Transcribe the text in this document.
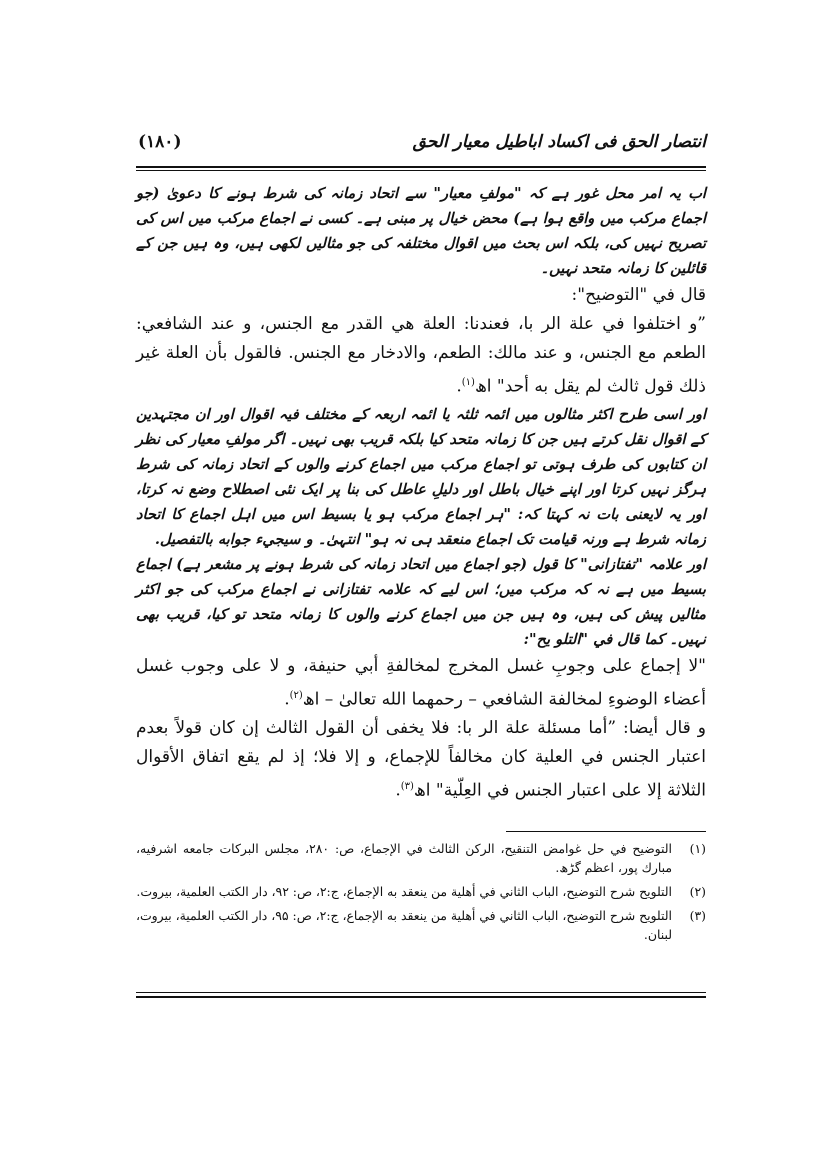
انتصار الحق فی اکساد اباطیل معیار الحق
(۱۸۰)

اب یہ امر محل غور ہے کہ "مولفِ معیار" سے اتحاد زمانہ کی شرط ہونے کا دعویٰ (جو اجماع مرکب میں واقع ہوا ہے) محض خیال پر مبنی ہے۔ کسی نے اجماع مرکب میں اس کی تصریح نہیں کی، بلکہ اس بحث میں اقوال مختلفہ کی جو مثالیں لکھی ہیں، وہ ہیں جن کے قائلین کا زمانہ متحد نہیں۔

قال في "التوضيح":

”و اختلفوا في علة الر با، فعندنا: العلة هي القدر مع الجنس، و عند الشافعي: الطعم مع الجنس، و عند مالك: الطعم، والادخار مع الجنس. فالقول بأن العلة غير ذلك قول ثالث لم يقل به أحد" اھ$^{(۱)}$.

اور اسی طرح اکثر مثالوں میں ائمہ ثلثہ یا ائمہ اربعہ کے مختلف فیہ اقوال اور ان مجتہدین کے اقوال نقل کرتے ہیں جن کا زمانہ متحد کیا بلکہ قریب بھی نہیں۔ اگر مولفِ معیار کی نظر ان کتابوں کی طرف ہوتی تو اجماع مرکب میں اجماع کرنے والوں کے اتحاد زمانہ کی شرط ہرگز نہیں کرتا اور اپنے خیال باطل اور دلیلِ عاطل کی بنا پر ایک نئی اصطلاح وضع نہ کرتا، اور یہ لایعنی بات نہ کہتا کہ: "ہر اجماع مرکب ہو یا بسیط اس میں اہل اجماع کا اتحاد زمانہ شرط ہے ورنہ قیامت تک اجماع منعقد ہی نہ ہو" انتہیٰ۔ و سيجيء جوابه بالتفصيل.

اور علامہ "تفتازانی" کا قول (جو اجماع میں اتحاد زمانہ کی شرط ہونے پر مشعر ہے) اجماع بسیط میں ہے نہ کہ مرکب میں؛ اس لیے کہ علامہ تفتازانی نے اجماع مرکب کی جو اکثر مثالیں پیش کی ہیں، وہ ہیں جن میں اجماع کرنے والوں کا زمانہ متحد تو کیا، قریب بھی نہیں۔ كما قال في "التلو يح":

"لا إجماع على وجوبِ غسل المخرج لمخالفةِ أبي حنيفة، و لا على وجوب غسل أعضاء الوضوءِ لمخالفة الشافعي – رحمهما الله تعالىٰ – اھ$^{(۲)}$.

و قال أيضا: ”أما مسئلة علة الر با: فلا يخفى أن القول الثالث إن كان قولاً بعدم اعتبار الجنس في العلية كان مخالفاً للإجماع، و إلا فلا؛ إذ لم يقع اتفاق الأقوال الثلاثة إلا على اعتبار الجنس في العِلّية" اھ$^{(۳)}$.

(۱)
التوضيح في حل غوامض التنقيح، الركن الثالث في الإجماع، ص: ۲۸۰، مجلس البركات جامعه اشرفيه، مبارك پور، اعظم گڑھ.
(۲)
التلويح شرح التوضيح، الباب الثاني في أهلية من ينعقد به الإجماع، ج:۲، ص: ۹۲، دار الكتب العلمية، بيروت.
(۳)
التلويح شرح التوضيح، الباب الثاني في أهلية من ينعقد به الإجماع، ج:۲، ص: ۹۵، دار الكتب العلمية، بيروت، لبنان.
